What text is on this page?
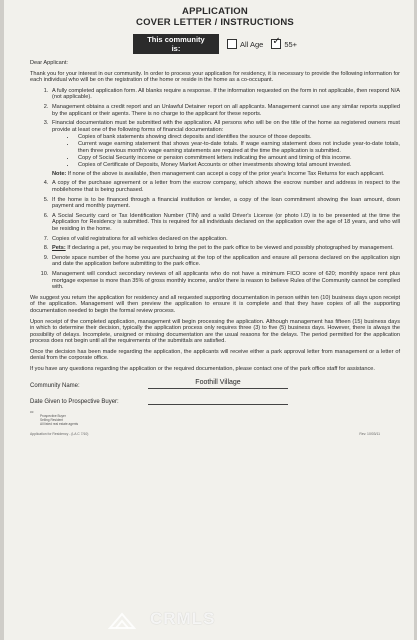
APPLICATION
COVER LETTER / INSTRUCTIONS
This community is:	All Age
✓	55+

Dear Applicant:

Thank you for your interest in our community. In order to process your application for residency, it is necessary to provide the following information for each individual who will be on the registration of the home or reside in the home as a co-occupant.

1. A fully completed application form. All blanks require a response. If the information requested on the form in not applicable, then respond N/A (not applicable).
2. Management obtains a credit report and an Unlawful Detainer report on all applicants. Management cannot use any similar reports supplied by the applicant or their agents. There is no charge to the applicant for these reports.
3. Financial documentation must be submitted with the application. All persons who will be on the title of the home as registered owners must provide at least one of the following forms of financial documentation:
• Copies of bank statements showing direct deposits and identifies the source of those deposits.
• Current wage earning statement that shows year-to-date totals. If wage earning statement does not include year-to-date totals, then three previous month's wage earning statements are required at the time the application is submitted.
• Copy of Social Security income or pension commitment letters indicating the amount and timing of this income.
• Copies of Certificate of Deposits, Money Market Accounts or other investments showing total amount invested.
Note: If none of the above is available, then management can accept a copy of the prior year's Income Tax Returns for each applicant.
4. A copy of the purchase agreement or a letter from the escrow company, which shows the escrow number and address in respect to the mobilehome that is being purchased.
5. If the home is to be financed through a financial institution or lender, a copy of the loan commitment showing the loan amount, down payment and monthly payment.
6. A Social Security card or Tax Identification Number (TIN) and a valid Driver's License (or photo I.D) is to be presented at the time the Application for Residency is submitted. This is required for all individuals declared on the application over the age of 18 years, and who will be residing in the home.
7. Copies of valid registrations for all vehicles declared on the application.
8. Pets: If declaring a pet, you may be requested to bring the pet to the park office to be viewed and possibly photographed by management.
9. Denote space number of the home you are purchasing at the top of the application and ensure all persons declared on the application sign and date the application before submitting to the park office.
10. Management will conduct secondary reviews of all applicants who do not have a minimum FICO score of 620; monthly space rent plus mortgage expense is more than 35% of gross monthly income, and/or there is reason to believe Rules of the Community cannot be complied with.

We suggest you return the application for residency and all requested supporting documentation in person within ten (10) business days upon receipt of the application. Management will then preview the application to ensure it is complete and that they have copies of all the supporting documentation needed to begin the formal review process.

Upon receipt of the completed application, management will begin processing the application. Although management has fifteen (15) business days in which to determine their decision, typically the application process only requires three (3) to five (5) business days. However, there is always the possibility of delays. Incomplete, unsigned or missing documentation are the usual reasons for the delays. The period permitted for the application process does not begin until all the requirements of the submittals are satisfied.

Once the decision has been made regarding the application, the applicants will receive either a park approval letter from management or a letter of denial from the corporate office.

If you have any questions regarding the application or the required documentation, please contact one of the park office staff for assistance.

Community Name:	Foothill Village
Date Given to Prospective Buyer:
cc:
Prospective Buyer
Selling Resident
All listed real estate agents
Application for Residency - (LA C 7/10)	Rev. 10/03/11
CRMLS
